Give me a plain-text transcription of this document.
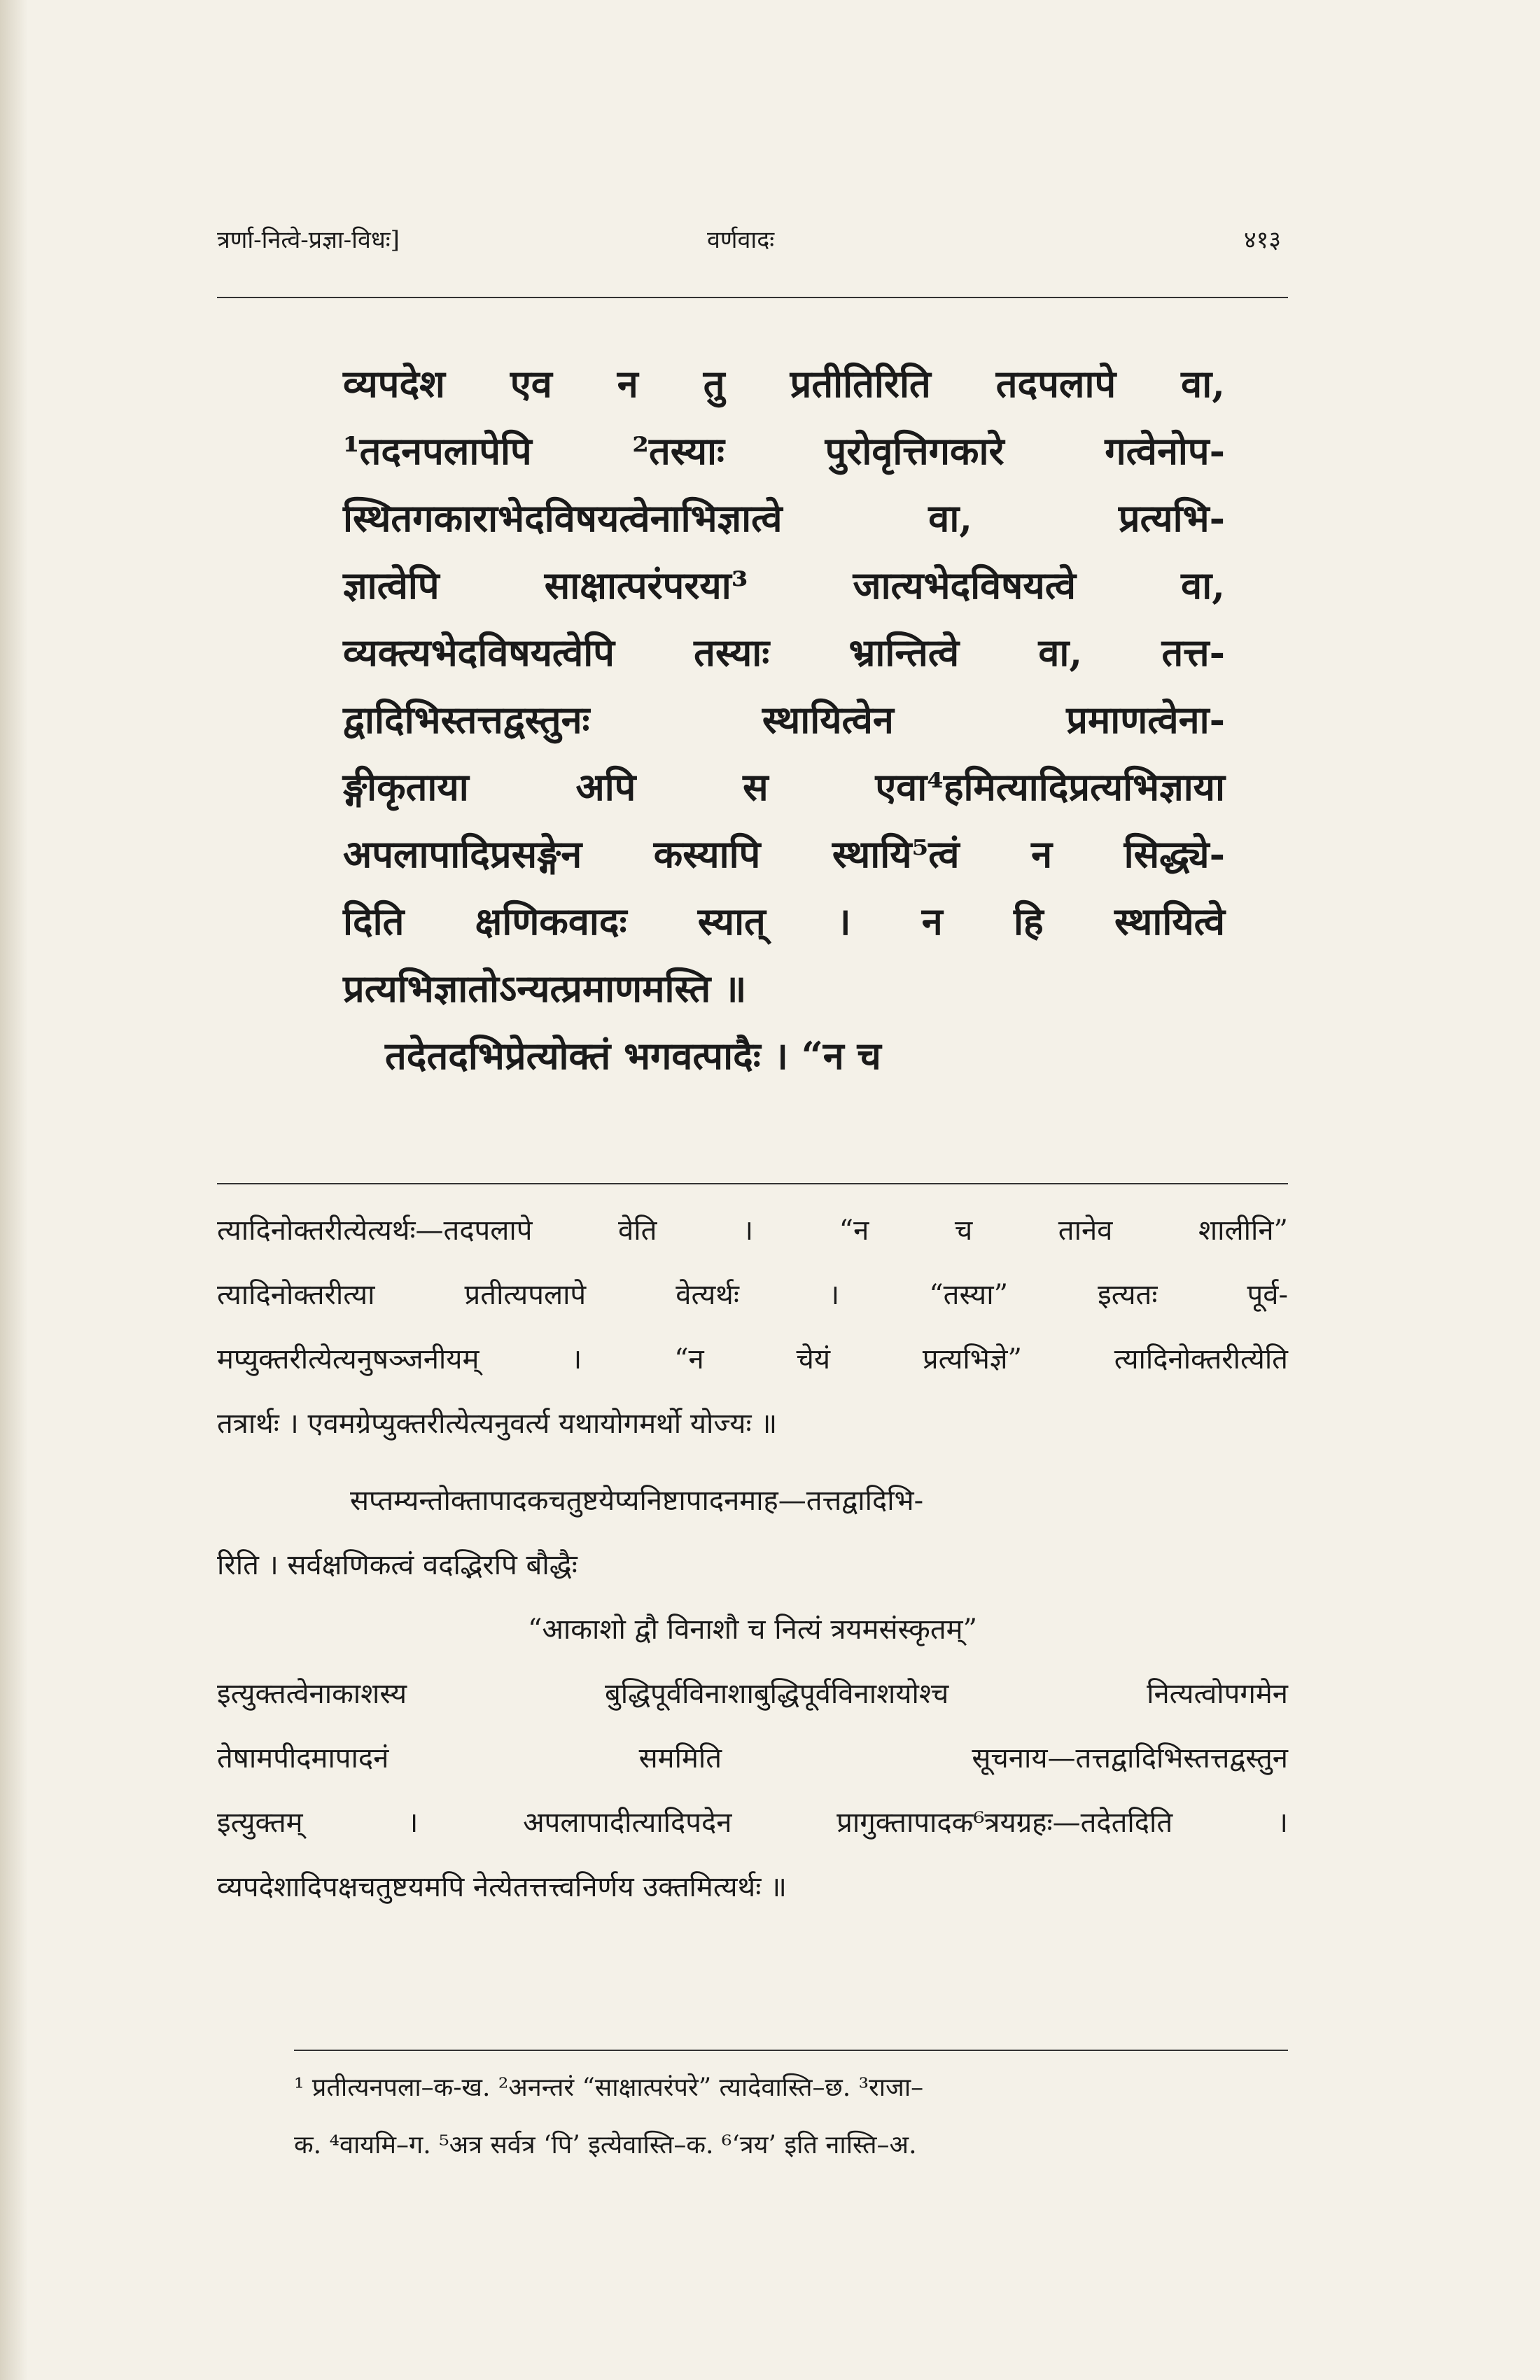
त्रर्णा-नित्वे-प्रज्ञा-विधः]	वर्णवादः	४१३
व्यपदेश एव न तु प्रतीतिरिति तदपलापे वा,
¹तदनपलापेपि ²तस्याः पुरोवृत्तिगकारे गत्वेनोप-
स्थितगकाराभेदविषयत्वेनाभिज्ञात्वे वा, प्रत्यभि-
ज्ञात्वेपि साक्षात्परंपरया³ जात्यभेदविषयत्वे वा,
व्यक्त्यभेदविषयत्वेपि तस्याः भ्रान्तित्वे वा, तत्त-
द्वादिभिस्तत्तद्वस्तुनः स्थायित्वेन प्रमाणत्वेना-
ङ्गीकृताया अपि स एवा⁴हमित्यादिप्रत्यभिज्ञाया
अपलापादिप्रसङ्गेन कस्यापि स्थायि⁵त्वं न सिद्ध्ये-
दिति क्षणिकवादः स्यात् । न हि स्थायित्वे
प्रत्यभिज्ञातोऽन्यत्प्रमाणमस्ति ॥
तदेतदभिप्रेत्योक्तं भगवत्पादैः । “न च
त्यादिनोक्तरीत्येत्यर्थः—तदपलापे वेति । “न च तानेव शालीनि”
त्यादिनोक्तरीत्या प्रतीत्यपलापे वेत्यर्थः । “तस्या” इत्यतः पूर्व-
मप्युक्तरीत्येत्यनुषञ्जनीयम् । “न चेयं प्रत्यभिज्ञे” त्यादिनोक्तरीत्येति
तत्रार्थः । एवमग्रेप्युक्तरीत्येत्यनुवर्त्य यथायोगमर्थो योज्यः ॥
सप्तम्यन्तोक्तापादकचतुष्टयेप्यनिष्टापादनमाह—तत्तद्वादिभि-
रिति । सर्वक्षणिकत्वं वदद्भिरपि बौद्धैः
“आकाशो द्वौ विनाशौ च नित्यं त्रयमसंस्कृतम्”
इत्युक्तत्वेनाकाशस्य बुद्धिपूर्वविनाशाबुद्धिपूर्वविनाशयोश्च नित्यत्वोपगमेन
तेषामपीदमापादनं सममिति सूचनाय—तत्तद्वादिभिस्तत्तद्वस्तुन
इत्युक्तम् । अपलापादीत्यादिपदेन प्रागुक्तापादक⁶त्रयग्रहः—तदेतदिति ।
व्यपदेशादिपक्षचतुष्टयमपि नेत्येतत्तत्त्वनिर्णय उक्तमित्यर्थः ॥
¹ प्रतीत्यनपला–क-ख. ²अनन्तरं “साक्षात्परंपरे” त्यादेवास्ति–छ. ³राजा–
क. ⁴वायमि–ग. ⁵अत्र सर्वत्र ‘पि’ इत्येवास्ति–क. ⁶‘त्रय’ इति नास्ति–अ.
